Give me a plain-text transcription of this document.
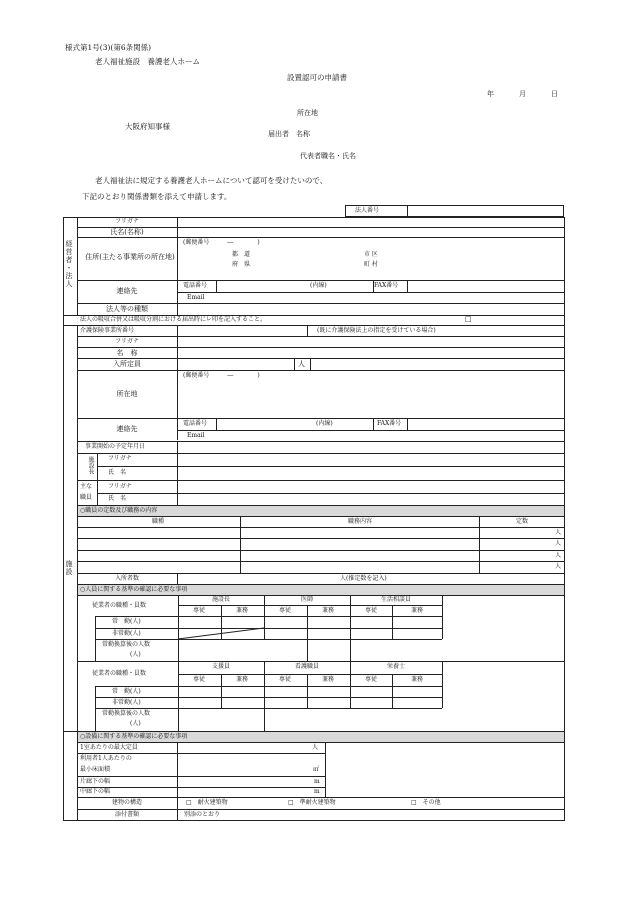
様式第1号(3)(第6条関係)
老人福祉施設　養護老人ホーム
設置認可の申請書
年	月	日
所在地
大阪府知事様
届出者　名称
代表者職名・氏名
老人福祉法に規定する養護老人ホームについて認可を受けたいので、
下記のとおり関係書類を添えて申請します。
法人番号
経営者・法人
フリガナ
氏名(名称)
住所(主たる事業所の所在地)
(郵便番号　　　―　　　　)
都　道
府　県
市 区
町 村
連絡先
電話番号	(内線)	FAX番号
Email
法人等の種類
法人の吸収合併又は吸収分割における届出時にレ印を記入すること。	□
施設
介護保険事業所番号	(既に介護保険法上の指定を受けている場合)
フリガナ
名　称
入所定員	人
(郵便番号　　　―　　　　)
所在地
連絡先
電話番号	(内線)	FAX番号
Email
事業開始の予定年月日
施設長 フリガナ
氏　名
主な
職員
フリガナ
氏　名
○職員の定数及び職務の内容
職種	職務内容	定数
人
人
人
人
入所者数	人(推定数を記入)
○人員に関する基準の確認に必要な事項
従業者の職種・員数
施設長	医師	生活相談員
専従	兼務	専従	兼務	専従	兼務
常　勤(人)
非常勤(人)
常勤換算後の人数
(人)
従業者の職種・員数
支援員	看護職員	栄養士
専従	兼務	専従	兼務	専従	兼務
常　勤(人)
非常勤(人)
常勤換算後の人数
(人)
○設備に関する基準の確認に必要な事項
1室あたりの最大定員	人
利用者1人あたりの
最小床面積	㎡
片廊下の幅	m
中廊下の幅	m
建物の構造	□　耐火建築物	□　準耐火建築物	□　その他
添付書類	別添のとおり
